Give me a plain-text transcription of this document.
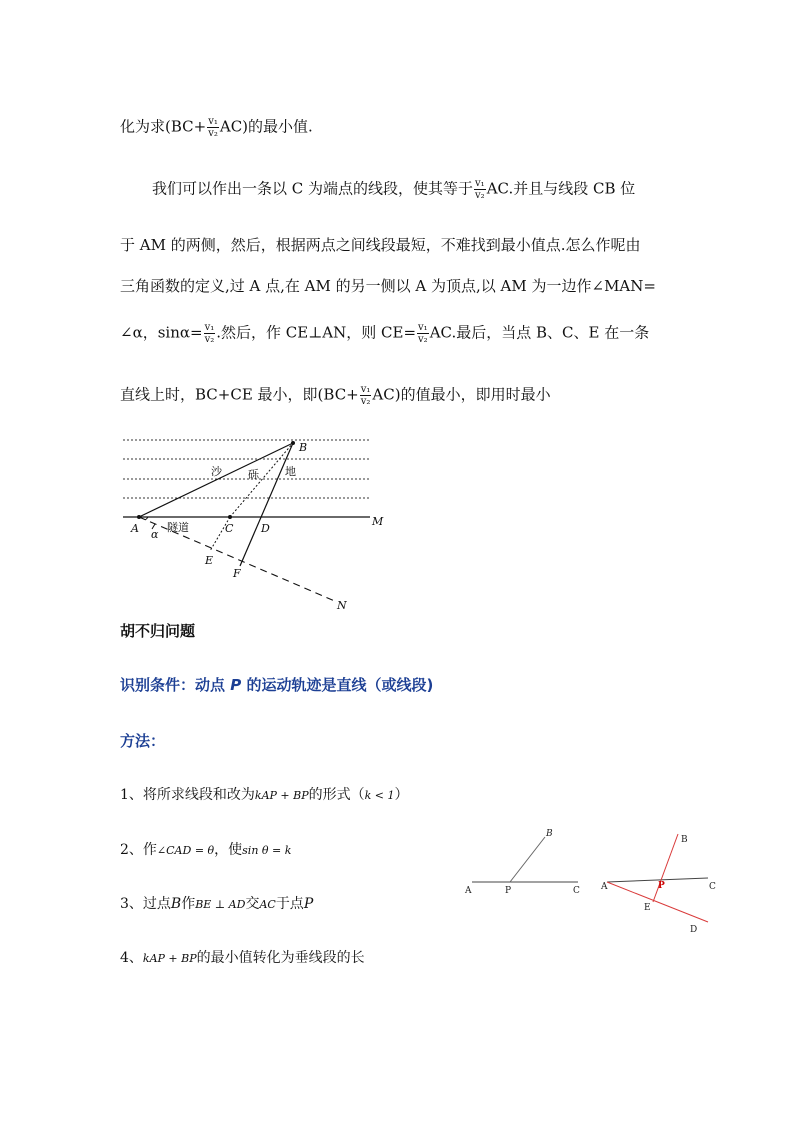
化为求$(BC+ \frac{\text{v₁}}{\text{v₂}} AC)$的最小值.
我们可以作出一条以 C 为端点的线段，使其等于 $\frac{\text{v₁}}{\text{v₂}}$ AC.并且与线段 CB 位
于 AM 的两侧，然后，根据两点之间线段最短，不难找到最小值点.怎么作呢由
三角函数的定义,过 A 点,在 AM 的另一侧以 A 为顶点,以 AM 为一边作∠MAN=
∠α，$\sin\alpha= \frac{\text{v₁}}{\text{v₂}}$ .然后，作 CE⊥AN，则 $CE= \frac{\text{v₁}}{\text{v₂}}$ AC.最后，当点 B、C、E 在一条
直线上时，BC+CE 最小，即$(BC+ \frac{\text{v₁}}{\text{v₂}} AC)$的值最小，即用时最小
B
A	C	D
M
E
F
N
α
隧道
沙 砾 地
胡不归问题
识别条件：动点 P 的运动轨迹是直线（或线段)
方法：
1、将所求线段和改为kAP + BP的形式（k < 1）
2、作∠CAD = θ，使sin θ = k
3、过点B作BE ⊥ AD交AC于点P
4、kAP + BP的最小值转化为垂线段的长
A	P	C
B
B
A	P	C
E
D
